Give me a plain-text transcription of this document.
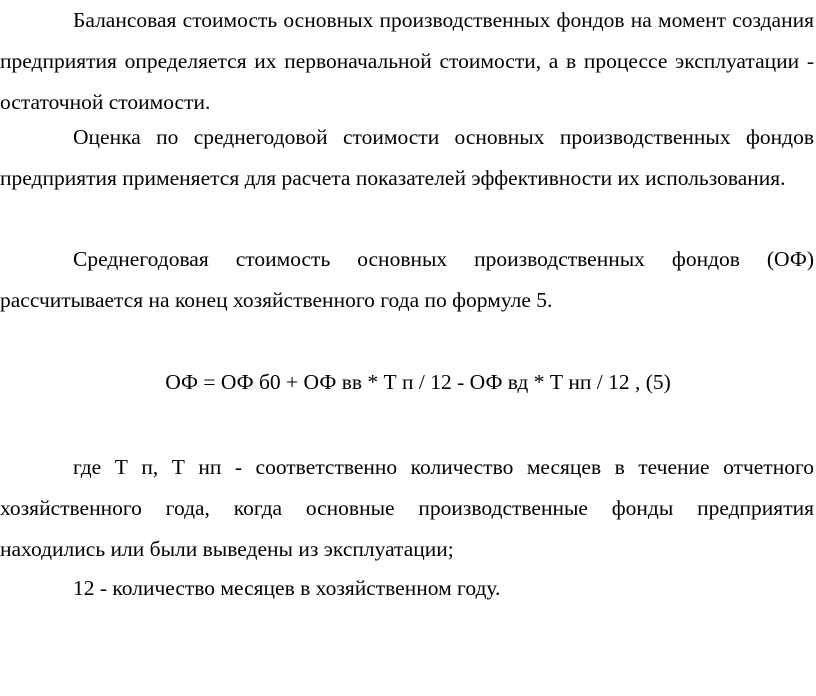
Балансовая стоимость основных производственных фондов на момент создания предприятия определяется их первоначальной стоимости, а в процессе эксплуатации - остаточной стоимости.

Оценка по среднегодовой стоимости основных производственных фондов предприятия применяется для расчета показателей эффективности их использования.

Среднегодовая стоимость основных производственных фондов (ОФ) рассчитывается на конец хозяйственного года по формуле 5.

ОФ = ОФ б0 + ОФ вв * Т п / 12 - ОФ вд * Т нп / 12 , (5)

где Т п, Т нп - соответственно количество месяцев в течение отчетного хозяйственного года, когда основные производственные фонды предприятия находились или были выведены из эксплуатации;

12 - количество месяцев в хозяйственном году.
